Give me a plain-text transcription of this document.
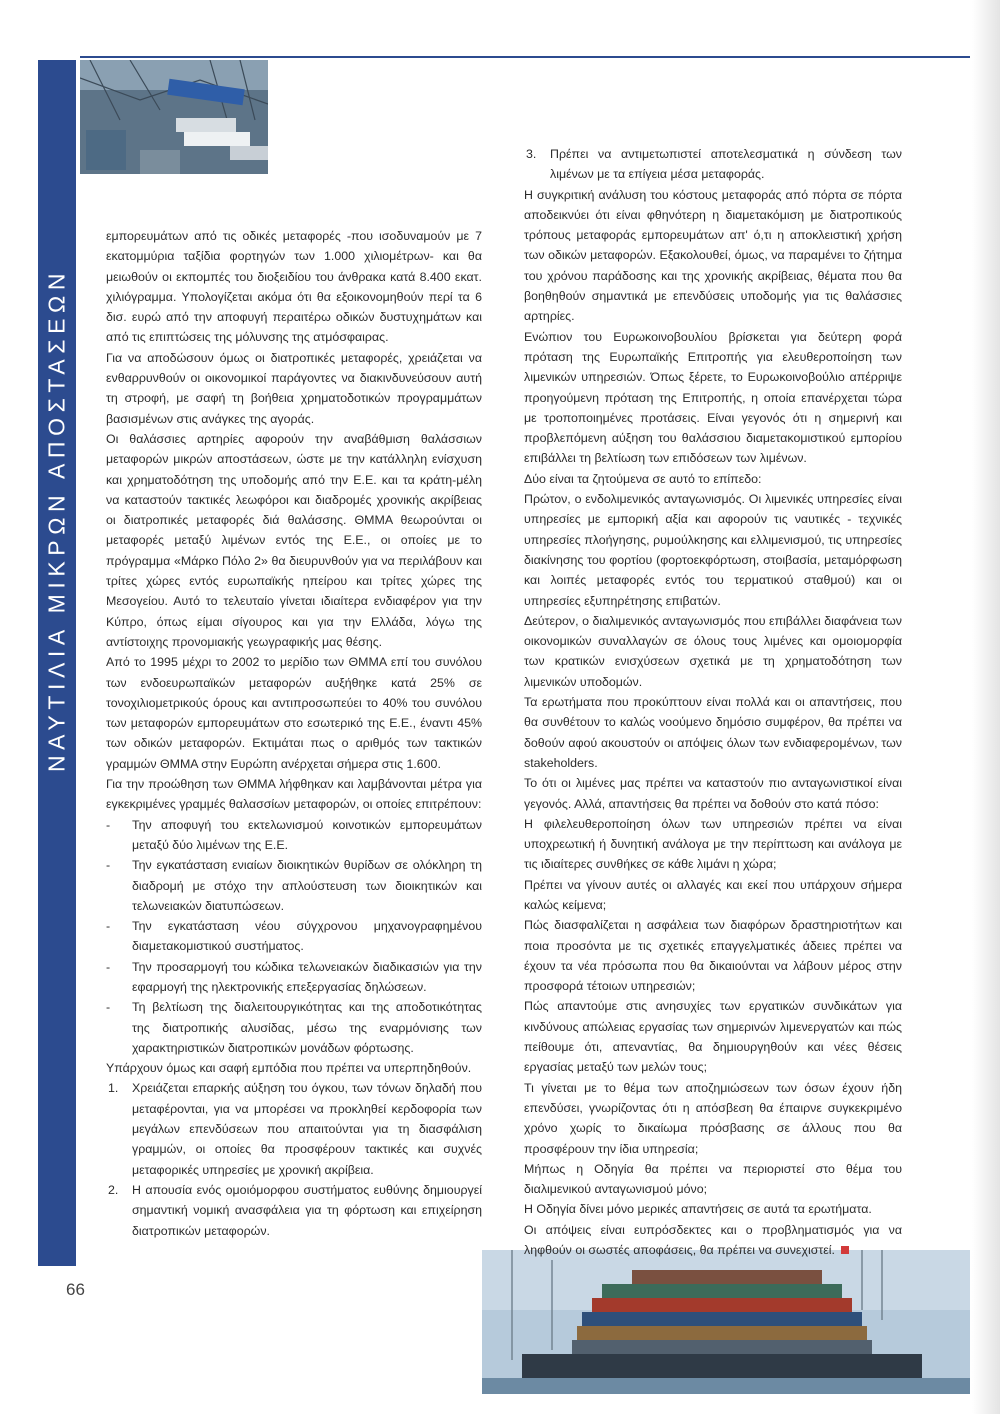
ΝΑΥΤΙΛΙΑ ΜΙΚΡΩΝ ΑΠΟΣΤΑΣΕΩΝ
66

εμπορευμάτων από τις οδικές μεταφορές -που ισοδυναμούν με 7 εκατομμύρια ταξίδια φορτηγών των 1.000 χιλιομέτρων- και θα μειωθούν οι εκπομπές του διοξειδίου του άνθρακα κατά 8.400 εκατ. χιλιόγραμμα. Υπολογίζεται ακόμα ότι θα εξοικονομηθούν περί τα 6 δισ. ευρώ από την αποφυγή περαιτέρω οδικών δυστυχημάτων και από τις επιπτώσεις της μόλυνσης της ατμόσφαιρας.

Για να αποδώσουν όμως οι διατροπικές μεταφορές, χρειάζεται να ενθαρρυνθούν οι οικονομικοί παράγοντες να διακινδυνεύσουν αυτή τη στροφή, με σαφή τη βοήθεια χρηματοδοτικών προγραμμάτων βασισμένων στις ανάγκες της αγοράς.

Οι θαλάσσιες αρτηρίες αφορούν την αναβάθμιση θαλάσσιων μεταφορών μικρών αποστάσεων, ώστε με την κατάλληλη ενίσχυση και χρηματοδότηση της υποδομής από την Ε.Ε. και τα κράτη-μέλη να καταστούν τακτικές λεωφόροι και διαδρομές χρονικής ακρίβειας οι διατροπικές μεταφορές διά θαλάσσης. ΘΜΜΑ θεωρούνται οι μεταφορές μεταξύ λιμένων εντός της Ε.Ε., οι οποίες με το πρόγραμμα «Μάρκο Πόλο 2» θα διευρυνθούν για να περιλάβουν και τρίτες χώρες εντός ευρωπαϊκής ηπείρου και τρίτες χώρες της Μεσογείου. Αυτό το τελευταίο γίνεται ιδιαίτερα ενδιαφέρον για την Κύπρο, όπως είμαι σίγουρος και για την Ελλάδα, λόγω της αντίστοιχης προνομιακής γεωγραφικής μας θέσης.

Από το 1995 μέχρι το 2002 το μερίδιο των ΘΜΜΑ επί του συνόλου των ενδοευρωπαϊκών μεταφορών αυξήθηκε κατά 25% σε τονοχιλιομετρικούς όρους και αντιπροσωπεύει το 40% του συνόλου των μεταφορών εμπορευμάτων στο εσωτερικό της Ε.Ε., έναντι 45% των οδικών μεταφορών. Εκτιμάται πως ο αριθμός των τακτικών γραμμών ΘΜΜΑ στην Ευρώπη ανέρχεται σήμερα στις 1.600.

Για την προώθηση των ΘΜΜΑ λήφθηκαν και λαμβάνονται μέτρα για εγκεκριμένες γραμμές θαλασσίων μεταφορών, οι οποίες επιτρέπουν:

- Την αποφυγή του εκτελωνισμού κοινοτικών εμπορευμάτων μεταξύ δύο λιμένων της Ε.Ε.

- Την εγκατάσταση ενιαίων διοικητικών θυρίδων σε ολόκληρη τη διαδρομή με στόχο την απλούστευση των διοικητικών και τελωνειακών διατυπώσεων.

- Την εγκατάσταση νέου σύγχρονου μηχανογραφημένου διαμετακομιστικού συστήματος.

- Την προσαρμογή του κώδικα τελωνειακών διαδικασιών για την εφαρμογή της ηλεκτρονικής επεξεργασίας δηλώσεων.

- Τη βελτίωση της διαλειτουργικότητας και της αποδοτικότητας της διατροπικής αλυσίδας, μέσω της εναρμόνισης των χαρακτηριστικών διατροπικών μονάδων φόρτωσης.

Υπάρχουν όμως και σαφή εμπόδια που πρέπει να υπερπηδηθούν.

1. Χρειάζεται επαρκής αύξηση του όγκου, των τόνων δηλαδή που μεταφέρονται, για να μπορέσει να προκληθεί κερδοφορία των μεγάλων επενδύσεων που απαιτούνται για τη διασφάλιση γραμμών, οι οποίες θα προσφέρουν τακτικές και συχνές μεταφορικές υπηρεσίες με χρονική ακρίβεια.

2. Η απουσία ενός ομοιόμορφου συστήματος ευθύνης δημιουργεί σημαντική νομική ανασφάλεια για τη φόρτωση και επιχείρηση διατροπικών μεταφορών.

3. Πρέπει να αντιμετωπιστεί αποτελεσματικά η σύνδεση των λιμένων με τα επίγεια μέσα μεταφοράς.

Η συγκριτική ανάλυση του κόστους μεταφοράς από πόρτα σε πόρτα αποδεικνύει ότι είναι φθηνότερη η διαμετακόμιση με διατροπικούς τρόπους μεταφοράς εμπορευμάτων απ' ό,τι η αποκλειστική χρήση των οδικών μεταφορών. Εξακολουθεί, όμως, να παραμένει το ζήτημα του χρόνου παράδοσης και της χρονικής ακρίβειας, θέματα που θα βοηθηθούν σημαντικά με επενδύσεις υποδομής για τις θαλάσσιες αρτηρίες.

Ενώπιον του Ευρωκοινοβουλίου βρίσκεται για δεύτερη φορά πρόταση της Ευρωπαϊκής Επιτροπής για ελευθεροποίηση των λιμενικών υπηρεσιών. Όπως ξέρετε, το Ευρωκοινοβούλιο απέρριψε προηγούμενη πρόταση της Επιτροπής, η οποία επανέρχεται τώρα με τροποποιημένες προτάσεις. Είναι γεγονός ότι η σημερινή και προβλεπόμενη αύξηση του θαλάσσιου διαμετακομιστικού εμπορίου επιβάλλει τη βελτίωση των επιδόσεων των λιμένων.

Δύο είναι τα ζητούμενα σε αυτό το επίπεδο:

Πρώτον, ο ενδολιμενικός ανταγωνισμός. Οι λιμενικές υπηρεσίες είναι υπηρεσίες με εμπορική αξία και αφορούν τις ναυτικές - τεχνικές υπηρεσίες πλοήγησης, ρυμούλκησης και ελλιμενισμού, τις υπηρεσίες διακίνησης του φορτίου (φορτοεκφόρτωση, στοιβασία, μεταμόρφωση και λοιπές μεταφορές εντός του τερματικού σταθμού) και οι υπηρεσίες εξυπηρέτησης επιβατών.

Δεύτερον, ο διαλιμενικός ανταγωνισμός που επιβάλλει διαφάνεια των οικονομικών συναλλαγών σε όλους τους λιμένες και ομοιομορφία των κρατικών ενισχύσεων σχετικά με τη χρηματοδότηση των λιμενικών υποδομών.

Τα ερωτήματα που προκύπτουν είναι πολλά και οι απαντήσεις, που θα συνθέτουν το καλώς νοούμενο δημόσιο συμφέρον, θα πρέπει να δοθούν αφού ακουστούν οι απόψεις όλων των ενδιαφερομένων, των stakeholders.

Το ότι οι λιμένες μας πρέπει να καταστούν πιο ανταγωνιστικοί είναι γεγονός. Αλλά, απαντήσεις θα πρέπει να δοθούν στο κατά πόσο:

Η φιλελευθεροποίηση όλων των υπηρεσιών πρέπει να είναι υποχρεωτική ή δυνητική ανάλογα με την περίπτωση και ανάλογα με τις ιδιαίτερες συνθήκες σε κάθε λιμάνι η χώρα;

Πρέπει να γίνουν αυτές οι αλλαγές και εκεί που υπάρχουν σήμερα καλώς κείμενα;

Πώς διασφαλίζεται η ασφάλεια των διαφόρων δραστηριοτήτων και ποια προσόντα με τις σχετικές επαγγελματικές άδειες πρέπει να έχουν τα νέα πρόσωπα που θα δικαιούνται να λάβουν μέρος στην προσφορά τέτοιων υπηρεσιών;

Πώς απαντούμε στις ανησυχίες των εργατικών συνδικάτων για κινδύνους απώλειας εργασίας των σημερινών λιμενεργατών και πώς πείθουμε ότι, απεναντίας, θα δημιουργηθούν και νέες θέσεις εργασίας μεταξύ των μελών τους;

Τι γίνεται με το θέμα των αποζημιώσεων των όσων έχουν ήδη επενδύσει, γνωρίζοντας ότι η απόσβεση θα έπαιρνε συγκεκριμένο χρόνο χωρίς το δικαίωμα πρόσβασης σε άλλους που θα προσφέρουν την ίδια υπηρεσία;

Μήπως η Οδηγία θα πρέπει να περιοριστεί στο θέμα του διαλιμενικού ανταγωνισμού μόνο;

Η Οδηγία δίνει μόνο μερικές απαντήσεις σε αυτά τα ερωτήματα.

Οι απόψεις είναι ευπρόσδεκτες και ο προβληματισμός για να ληφθούν οι σωστές αποφάσεις, θα πρέπει να συνεχιστεί.
